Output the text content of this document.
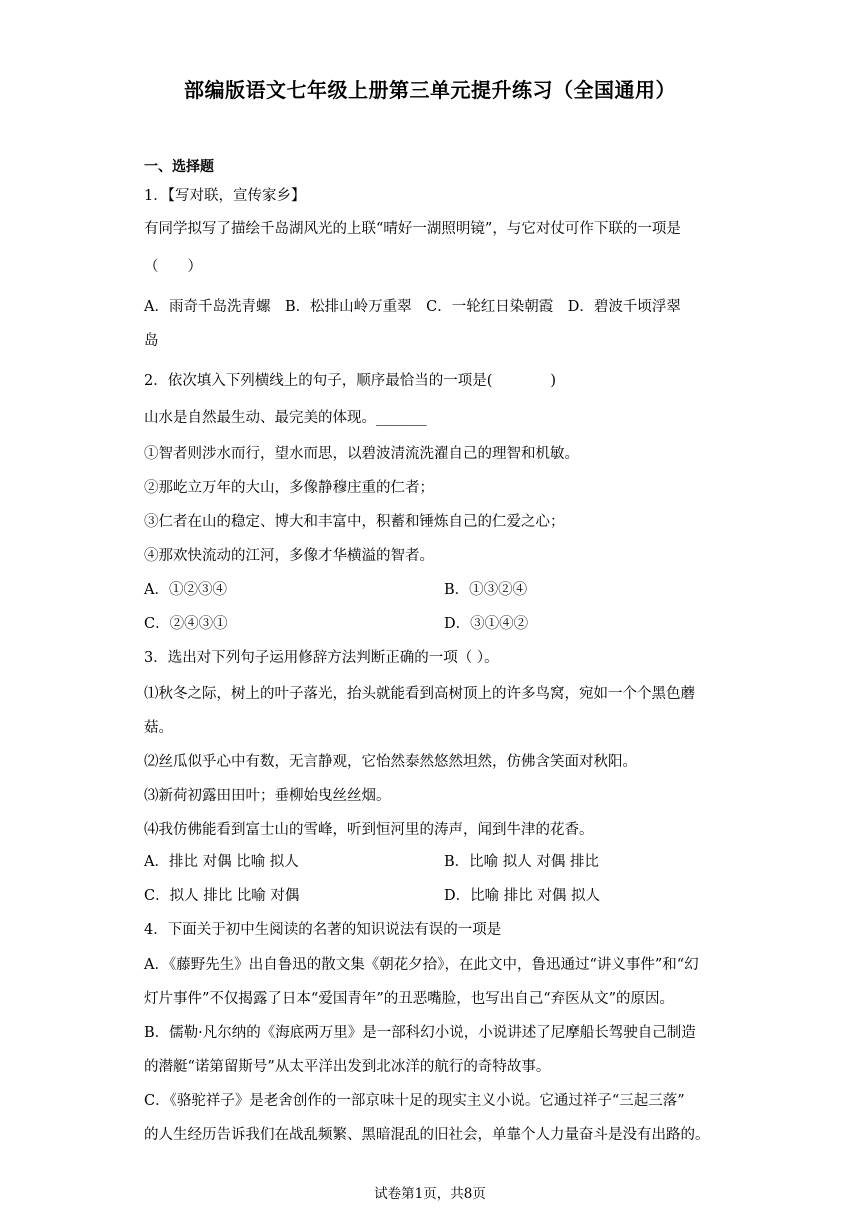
部编版语文七年级上册第三单元提升练习（全国通用）
一、选择题
1．【写对联，宣传家乡】
有同学拟写了描绘千岛湖风光的上联“晴好一湖照明镜”，与它对仗可作下联的一项是
（　　）
A．雨奇千岛洗青螺　B．松排山岭万重翠　C．一轮红日染朝霞　D．碧波千顷浮翠
岛
2．依次填入下列横线上的句子，顺序最恰当的一项是(　　　　)
山水是自然最生动、最完美的体现。_______
①智者则涉水而行，望水而思，以碧波清流洗濯自己的理智和机敏。
②那屹立万年的大山，多像静穆庄重的仁者；
③仁者在山的稳定、博大和丰富中，积蓄和锤炼自己的仁爱之心；
④那欢快流动的江河，多像才华横溢的智者。
A．①②③④	B．①③②④
C．②④③①	D．③①④②
3．选出对下列句子运用修辞方法判断正确的一项（ ）。
⑴秋冬之际，树上的叶子落光，抬头就能看到高树顶上的许多鸟窝，宛如一个个黑色蘑
菇。
⑵丝瓜似乎心中有数，无言静观，它怡然泰然悠然坦然，仿佛含笑面对秋阳。
⑶新荷初露田田叶；垂柳始曳丝丝烟。
⑷我仿佛能看到富士山的雪峰，听到恒河里的涛声，闻到牛津的花香。
A．排比 对偶 比喻 拟人	B．比喻 拟人 对偶 排比
C．拟人 排比 比喻 对偶	D．比喻 排比 对偶 拟人
4．下面关于初中生阅读的名著的知识说法有误的一项是
A．《藤野先生》出自鲁迅的散文集《朝花夕拾》，在此文中，鲁迅通过“讲义事件”和“幻
灯片事件”不仅揭露了日本“爱国青年”的丑恶嘴脸，也写出自己“弃医从文”的原因。
B．儒勒·凡尔纳的《海底两万里》是一部科幻小说，小说讲述了尼摩船长驾驶自己制造
的潜艇“诺第留斯号”从太平洋出发到北冰洋的航行的奇特故事。
C．《骆驼祥子》是老舍创作的一部京味十足的现实主义小说。它通过祥子“三起三落”
的人生经历告诉我们在战乱频繁、黑暗混乱的旧社会，单靠个人力量奋斗是没有出路的。
试卷第1页，共8页
